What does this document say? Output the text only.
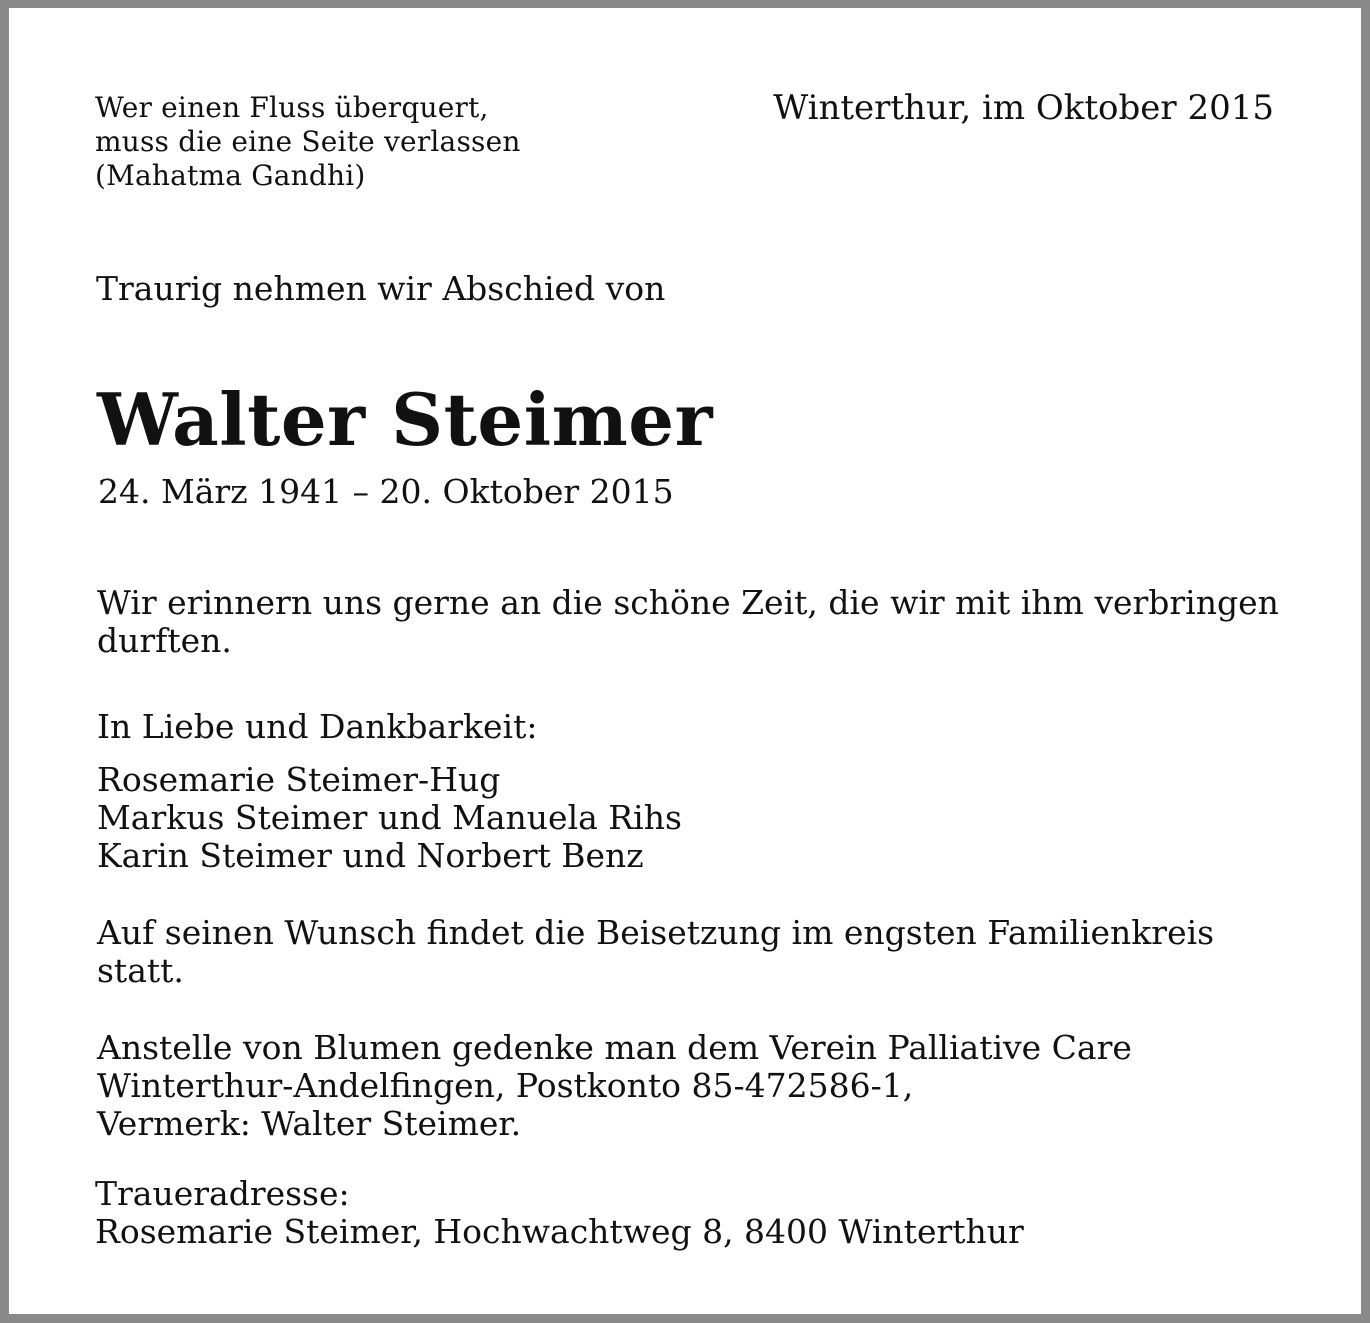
Wer einen Fluss überquert,
muss die eine Seite verlassen
(Mahatma Gandhi)
Winterthur, im Oktober 2015
Traurig nehmen wir Abschied von
Walter Steimer
24. März 1941 – 20. Oktober 2015
Wir erinnern uns gerne an die schöne Zeit, die wir mit ihm verbringen
durften.
In Liebe und Dankbarkeit:
Rosemarie Steimer-Hug
Markus Steimer und Manuela Rihs
Karin Steimer und Norbert Benz
Auf seinen Wunsch findet die Beisetzung im engsten Familienkreis
statt.
Anstelle von Blumen gedenke man dem Verein Palliative Care
Winterthur-Andelfingen, Postkonto 85-472586-1,
Vermerk: Walter Steimer.
Traueradresse:
Rosemarie Steimer, Hochwachtweg 8, 8400 Winterthur
